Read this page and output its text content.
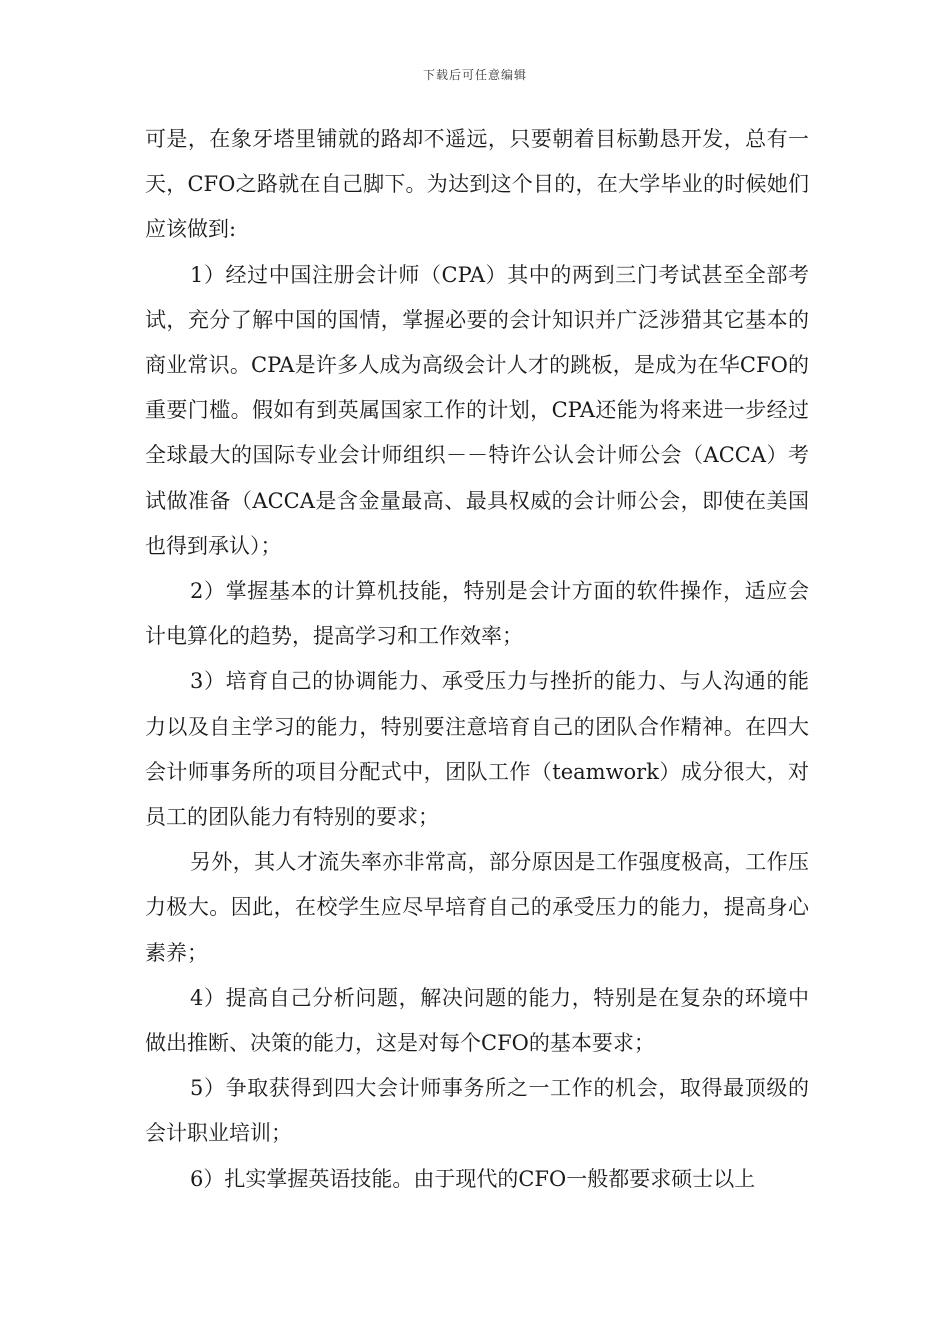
下载后可任意编辑

可是，在象牙塔里铺就的路却不遥远，只要朝着目标勤恳开发，总有一天，CFO之路就在自己脚下。为达到这个目的，在大学毕业的时候她们应该做到:

1）经过中国注册会计师（CPA）其中的两到三门考试甚至全部考试，充分了解中国的国情，掌握必要的会计知识并广泛涉猎其它基本的商业常识。CPA是许多人成为高级会计人才的跳板，是成为在华CFO的重要门槛。假如有到英属国家工作的计划，CPA还能为将来进一步经过全球最大的国际专业会计师组织－－特许公认会计师公会（ACCA）考试做准备（ACCA是含金量最高、最具权威的会计师公会，即使在美国也得到承认）；

2）掌握基本的计算机技能，特别是会计方面的软件操作，适应会计电算化的趋势，提高学习和工作效率；

3）培育自己的协调能力、承受压力与挫折的能力、与人沟通的能力以及自主学习的能力，特别要注意培育自己的团队合作精神。在四大会计师事务所的项目分配式中，团队工作（teamwork）成分很大，对员工的团队能力有特别的要求；

另外，其人才流失率亦非常高，部分原因是工作强度极高，工作压力极大。因此，在校学生应尽早培育自己的承受压力的能力，提高身心素养；

4）提高自己分析问题，解决问题的能力，特别是在复杂的环境中做出推断、决策的能力，这是对每个CFO的基本要求；

5）争取获得到四大会计师事务所之一工作的机会，取得最顶级的会计职业培训；

6）扎实掌握英语技能。由于现代的CFO一般都要求硕士以上
